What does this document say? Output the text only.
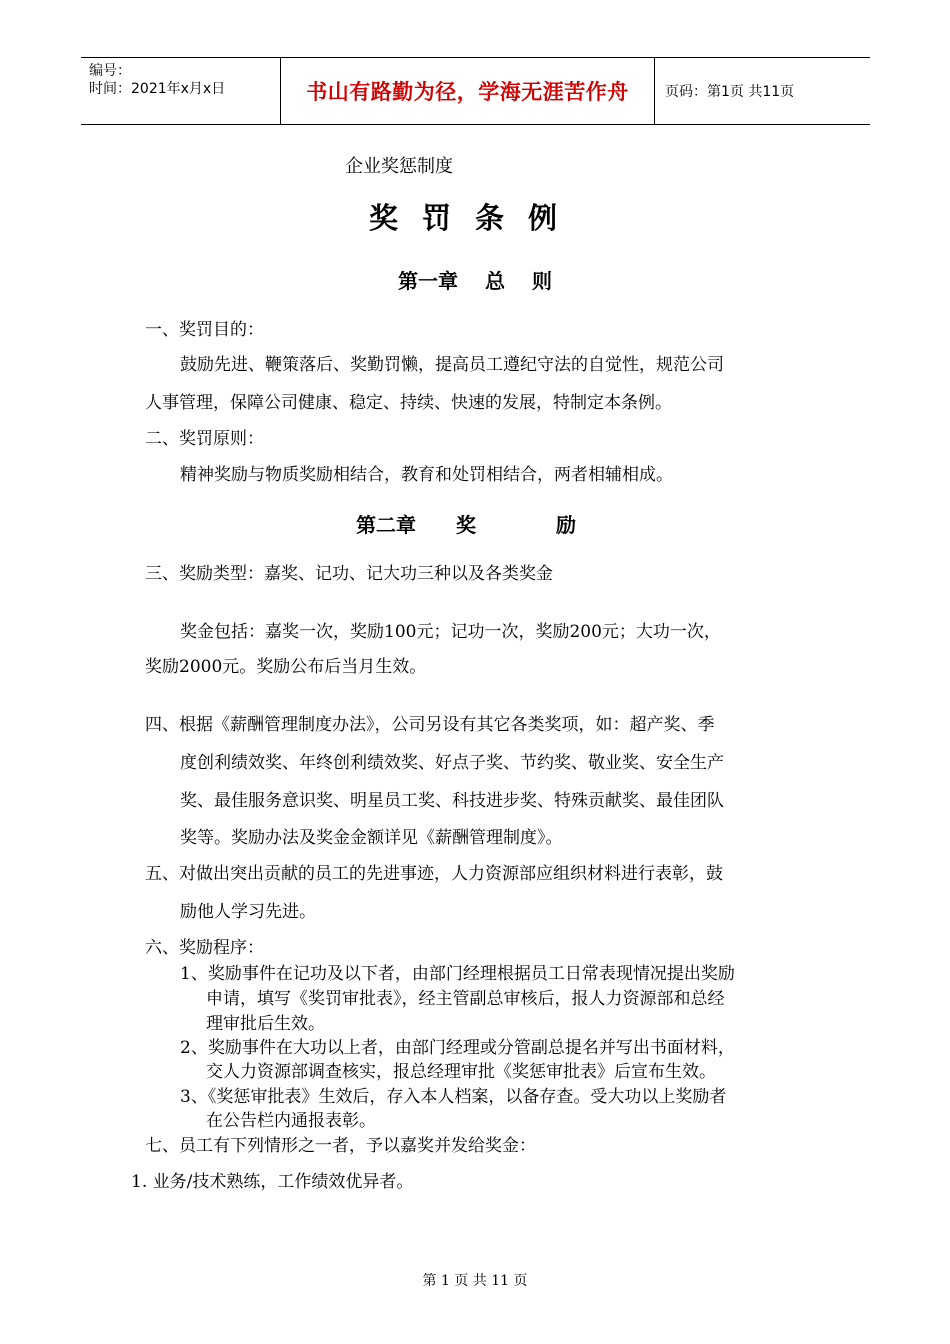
编号：
时间：2021年x月x日	书山有路勤为径，学海无涯苦作舟	页码：第1页 共11页
企业奖惩制度
奖罚条例
第一章 总 则
一、奖罚目的：
鼓励先进、鞭策落后、奖勤罚懒，提高员工遵纪守法的自觉性，规范公司
人事管理，保障公司健康、稳定、持续、快速的发展，特制定本条例。
二、奖罚原则：
精神奖励与物质奖励相结合，教育和处罚相结合，两者相辅相成。
第二章　　奖　　　　励
三、奖励类型：嘉奖、记功、记大功三种以及各类奖金
奖金包括：嘉奖一次，奖励100元；记功一次，奖励200元；大功一次，
奖励2000元。奖励公布后当月生效。
四、根据《薪酬管理制度办法》，公司另设有其它各类奖项，如：超产奖、季
度创利绩效奖、年终创利绩效奖、好点子奖、节约奖、敬业奖、安全生产
奖、最佳服务意识奖、明星员工奖、科技进步奖、特殊贡献奖、最佳团队
奖等。奖励办法及奖金金额详见《薪酬管理制度》。
五、对做出突出贡献的员工的先进事迹，人力资源部应组织材料进行表彰，鼓
励他人学习先进。
六、奖励程序：
1、奖励事件在记功及以下者，由部门经理根据员工日常表现情况提出奖励
申请，填写《奖罚审批表》，经主管副总审核后，报人力资源部和总经
理审批后生效。
2、奖励事件在大功以上者，由部门经理或分管副总提名并写出书面材料，
交人力资源部调查核实，报总经理审批《奖惩审批表》后宣布生效。
3、《奖惩审批表》生效后，存入本人档案，以备存查。受大功以上奖励者
在公告栏内通报表彰。
七、员工有下列情形之一者，予以嘉奖并发给奖金：
1. 业务/技术熟练，工作绩效优异者。
第 1 页 共 11 页
